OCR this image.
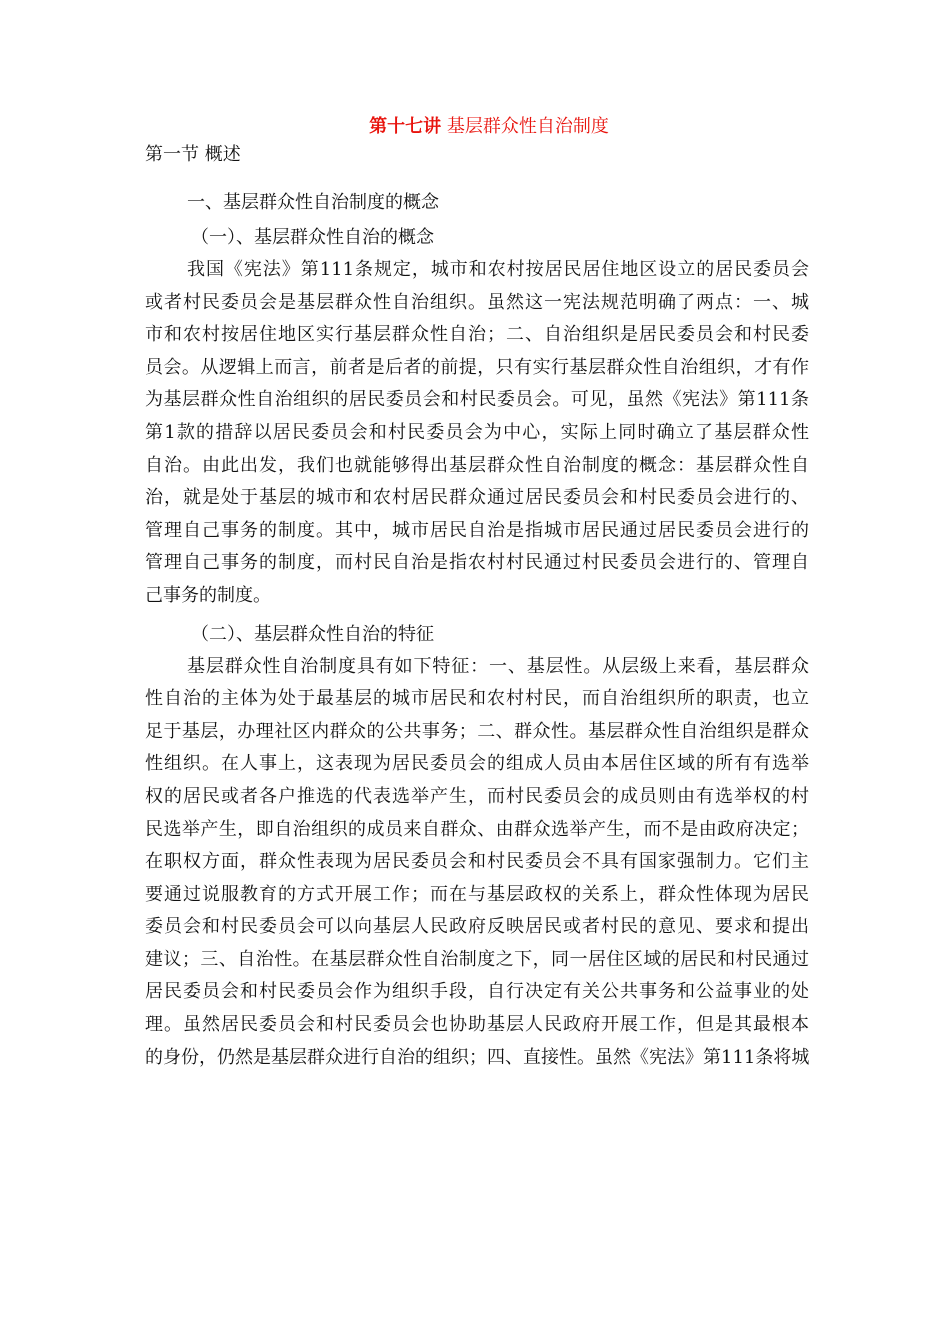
第十七讲 基层群众性自治制度
第一节 概述
一、基层群众性自治制度的概念
（一）、基层群众性自治的概念
我国《宪法》第111条规定，城市和农村按居民居住地区设立的居民委员会
或者村民委员会是基层群众性自治组织。虽然这一宪法规范明确了两点：一、城
市和农村按居住地区实行基层群众性自治；二、自治组织是居民委员会和村民委
员会。从逻辑上而言，前者是后者的前提，只有实行基层群众性自治组织，才有作
为基层群众性自治组织的居民委员会和村民委员会。可见，虽然《宪法》第111条
第1款的措辞以居民委员会和村民委员会为中心，实际上同时确立了基层群众性
自治。由此出发，我们也就能够得出基层群众性自治制度的概念：基层群众性自
治，就是处于基层的城市和农村居民群众通过居民委员会和村民委员会进行的、
管理自己事务的制度。其中，城市居民自治是指城市居民通过居民委员会进行的
管理自己事务的制度，而村民自治是指农村村民通过村民委员会进行的、管理自
己事务的制度。
（二）、基层群众性自治的特征
基层群众性自治制度具有如下特征：一、基层性。从层级上来看，基层群众
性自治的主体为处于最基层的城市居民和农村村民，而自治组织所的职责，也立
足于基层，办理社区内群众的公共事务；二、群众性。基层群众性自治组织是群众
性组织。在人事上，这表现为居民委员会的组成人员由本居住区域的所有有选举
权的居民或者各户推选的代表选举产生，而村民委员会的成员则由有选举权的村
民选举产生，即自治组织的成员来自群众、由群众选举产生，而不是由政府决定；
在职权方面，群众性表现为居民委员会和村民委员会不具有国家强制力。它们主
要通过说服教育的方式开展工作；而在与基层政权的关系上，群众性体现为居民
委员会和村民委员会可以向基层人民政府反映居民或者村民的意见、要求和提出
建议；三、自治性。在基层群众性自治制度之下，同一居住区域的居民和村民通过
居民委员会和村民委员会作为组织手段，自行决定有关公共事务和公益事业的处
理。虽然居民委员会和村民委员会也协助基层人民政府开展工作，但是其最根本
的身份，仍然是基层群众进行自治的组织；四、直接性。虽然《宪法》第111条将城
